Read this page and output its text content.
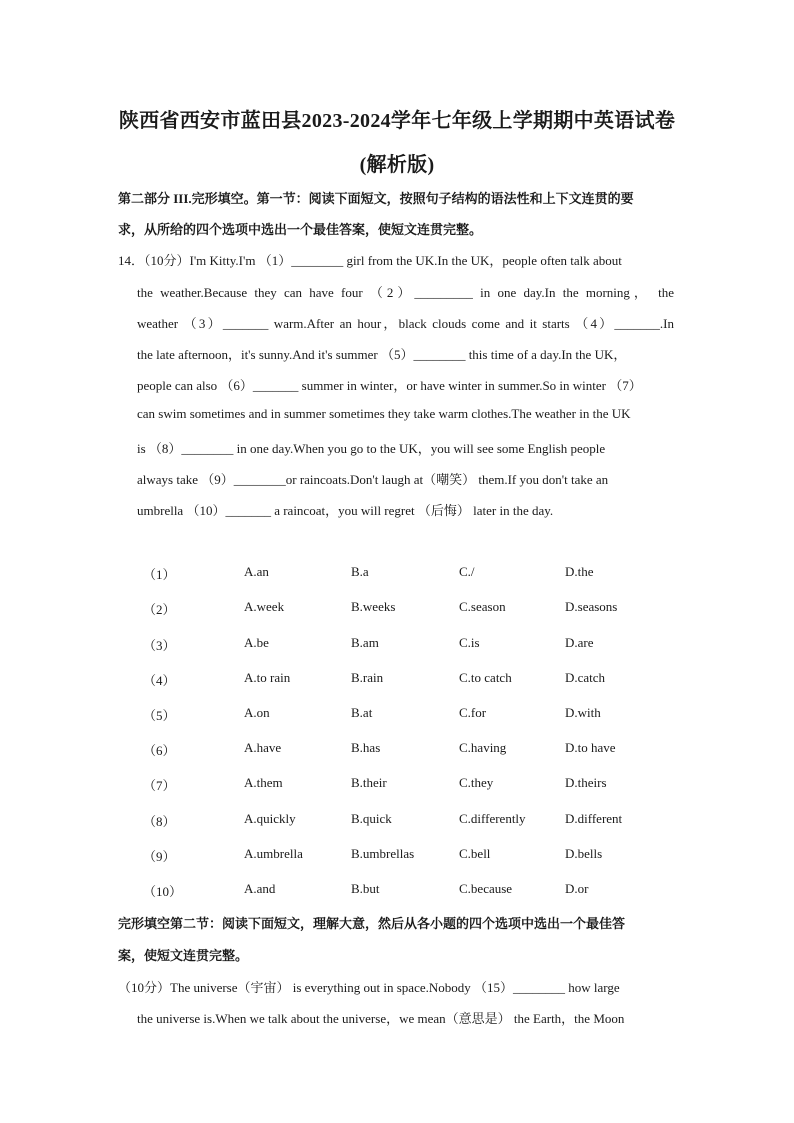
陕西省西安市蓝田县2023-2024学年七年级上学期期中英语试卷
(解析版)
第二部分 III.完形填空。第一节：阅读下面短文，按照句子结构的语法性和上下文连贯的要
求，从所给的四个选项中选出一个最佳答案，使短文连贯完整。
14．（10分）I'm Kitty.I'm （1）________ girl from the UK.In the UK，people often talk about
the weather.Because they can have four （2）_________ in one day.In the morning， the
weather （3）_______ warm.After an hour，black clouds come and it starts （4）_______.In
the late afternoon，it's sunny.And it's summer （5）________ this time of a day.In the UK，
people can also （6）_______ summer in winter，or have winter in summer.So in winter （7）
can swim sometimes and in summer sometimes they take warm clothes.The weather in the UK
is （8）________ in one day.When you go to the UK，you will see some English people
always take （9）________or raincoats.Don't laugh at（嘲笑） them.If you don't take an
umbrella （10）_______ a raincoat，you will regret （后悔） later in the day.
（1）	A.an	B.a	C./	D.the
（2）	A.week	B.weeks	C.season	D.seasons
（3）	A.be	B.am	C.is	D.are
（4）	A.to rain	B.rain	C.to catch	D.catch
（5）	A.on	B.at	C.for	D.with
（6）	A.have	B.has	C.having	D.to have
（7）	A.them	B.their	C.they	D.theirs
（8）	A.quickly	B.quick	C.differently	D.different
（9）	A.umbrella	B.umbrellas	C.bell	D.bells
（10）	A.and	B.but	C.because	D.or
完形填空第二节：阅读下面短文，理解大意，然后从各小题的四个选项中选出一个最佳答
案，使短文连贯完整。
（10分）The universe（宇宙） is everything out in space.Nobody （15）________ how large
the universe is.When we talk about the universe，we mean（意思是） the Earth，the Moon
